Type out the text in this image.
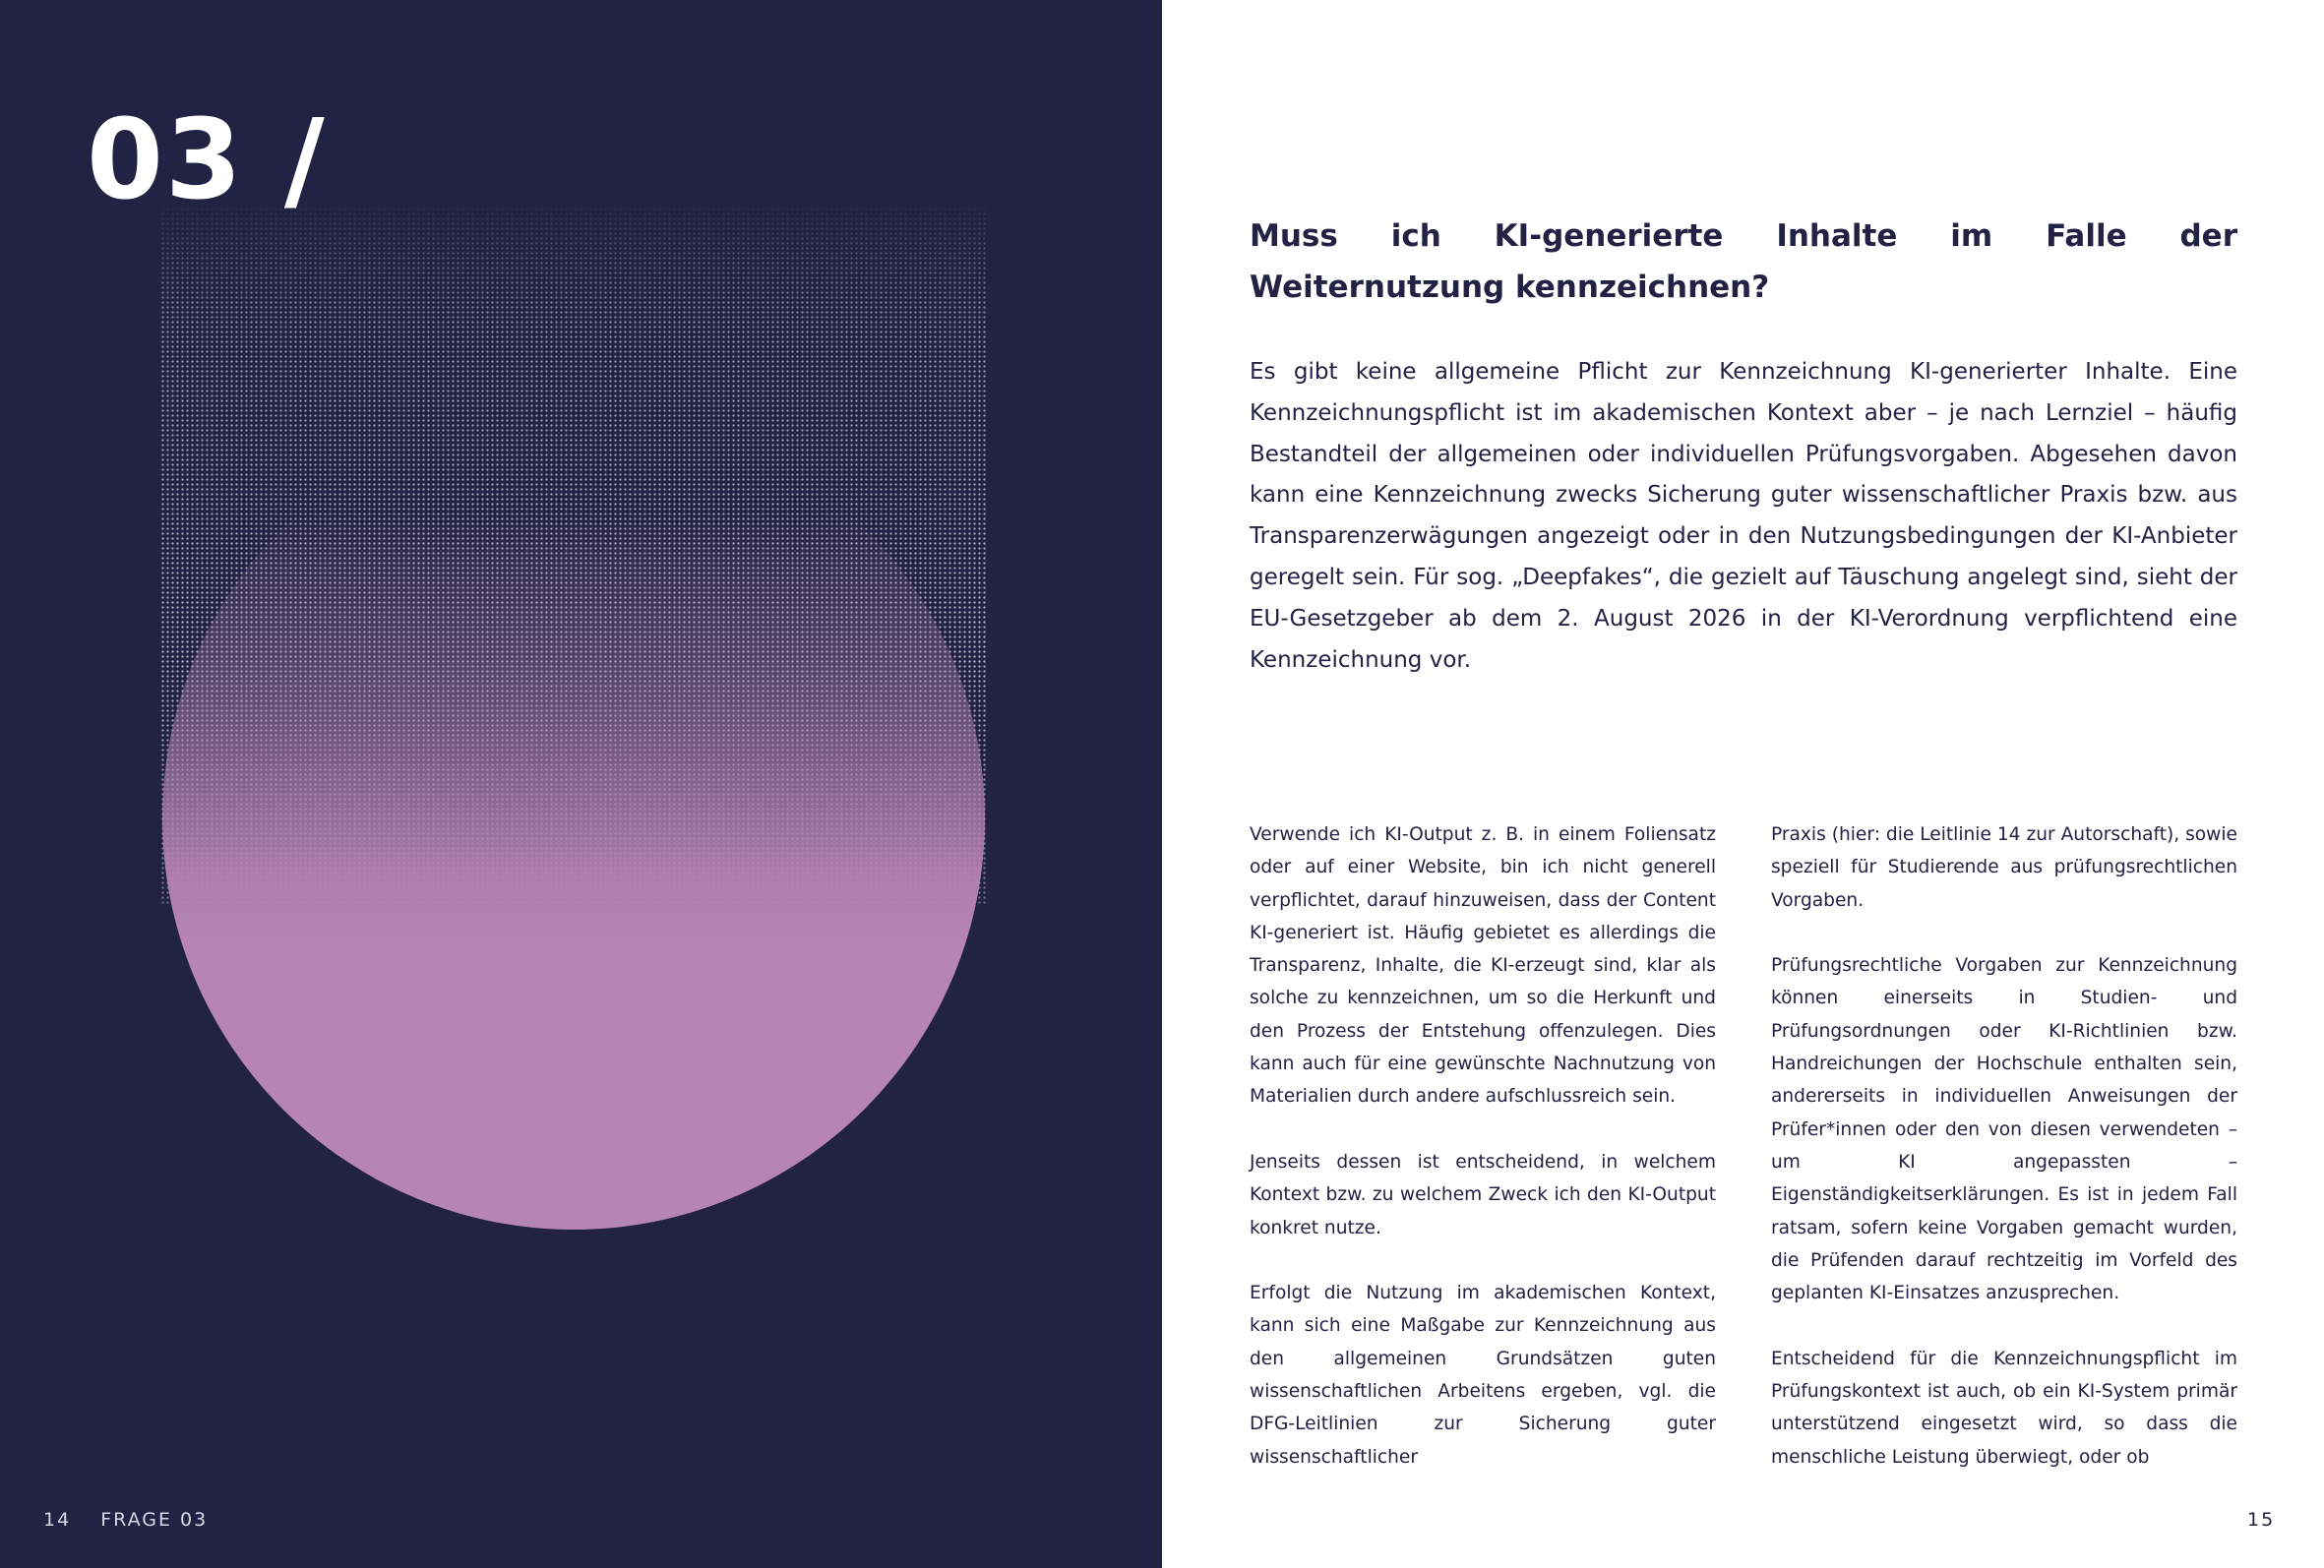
03 /
14 FRAGE 03
Muss ich KI-generierte Inhalte im Falle der Weiternutzung kennzeichnen?
Es gibt keine allgemeine Pflicht zur Kennzeichnung KI-generierter Inhalte. Eine Kennzeichnungspflicht ist im akademischen Kontext aber – je nach Lernziel – häufig Bestandteil der allgemeinen oder individuellen Prüfungsvorgaben. Abgesehen davon kann eine Kennzeichnung zwecks Sicherung guter wissenschaftlicher Praxis bzw. aus Transparenzerwägungen angezeigt oder in den Nutzungsbedingungen der KI-Anbieter geregelt sein. Für sog. „Deepfakes“, die gezielt auf Täuschung angelegt sind, sieht der EU-Gesetzgeber ab dem 2. August 2026 in der KI-Verordnung verpflichtend eine Kennzeichnung vor.

Verwende ich KI-Output z. B. in einem Foliensatz oder auf einer Website, bin ich nicht generell verpflichtet, darauf hinzuweisen, dass der Content KI-generiert ist. Häufig gebietet es allerdings die Transparenz, Inhalte, die KI-erzeugt sind, klar als solche zu kennzeichnen, um so die Herkunft und den Prozess der Entstehung offenzulegen. Dies kann auch für eine gewünschte Nachnutzung von Materialien durch andere aufschlussreich sein.

Jenseits dessen ist entscheidend, in welchem Kontext bzw. zu welchem Zweck ich den KI-Output konkret nutze.

Erfolgt die Nutzung im akademischen Kontext, kann sich eine Maßgabe zur Kennzeichnung aus den allgemeinen Grundsätzen guten wissenschaftlichen Arbeitens ergeben, vgl. die DFG-Leitlinien zur Sicherung guter wissenschaftlicher

Praxis (hier: die Leitlinie 14 zur Autorschaft), sowie speziell für Studierende aus prüfungsrechtlichen Vorgaben.

Prüfungsrechtliche Vorgaben zur Kennzeichnung können einerseits in Studien- und Prüfungsordnungen oder KI-Richtlinien bzw. Handreichungen der Hochschule enthalten sein, andererseits in individuellen Anweisungen der Prüfer*innen oder den von diesen verwendeten – um KI angepassten – Eigenständigkeitserklärungen. Es ist in jedem Fall ratsam, sofern keine Vorgaben gemacht wurden, die Prüfenden darauf rechtzeitig im Vorfeld des geplanten KI-Einsatzes anzusprechen.

Entscheidend für die Kennzeichnungspflicht im Prüfungskontext ist auch, ob ein KI-System primär unterstützend eingesetzt wird, so dass die menschliche Leistung überwiegt, oder ob

15
